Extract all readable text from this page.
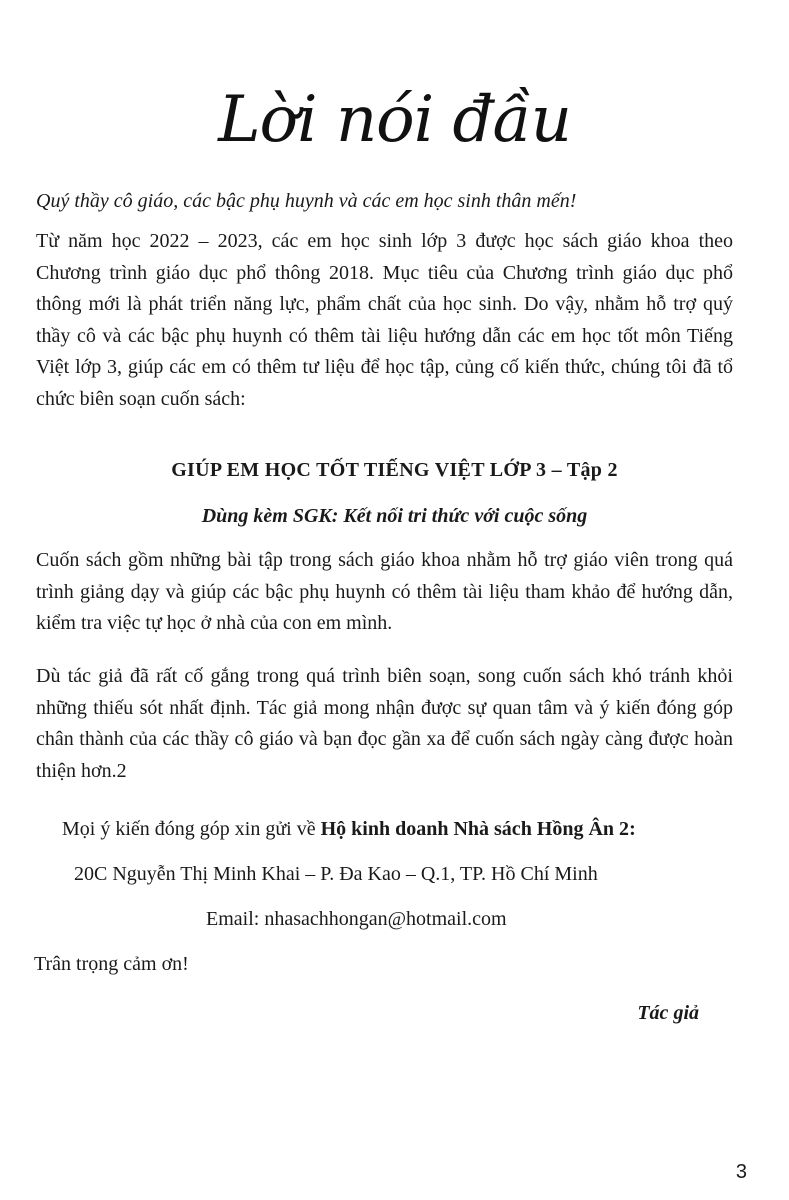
Lời nói đầu
Quý thầy cô giáo, các bậc phụ huynh và các em học sinh thân mến!

Từ năm học 2022 – 2023, các em học sinh lớp 3 được học sách giáo khoa theo Chương trình giáo dục phổ thông 2018. Mục tiêu của Chương trình giáo dục phổ thông mới là phát triển năng lực, phẩm chất của học sinh. Do vậy, nhằm hỗ trợ quý thầy cô và các bậc phụ huynh có thêm tài liệu hướng dẫn các em học tốt môn Tiếng Việt lớp 3, giúp các em có thêm tư liệu để học tập, củng cố kiến thức, chúng tôi đã tổ chức biên soạn cuốn sách:

GIÚP EM HỌC TỐT TIẾNG VIỆT LỚP 3 – Tập 2
Dùng kèm SGK: Kết nối tri thức với cuộc sống

Cuốn sách gồm những bài tập trong sách giáo khoa nhằm hỗ trợ giáo viên trong quá trình giảng dạy và giúp các bậc phụ huynh có thêm tài liệu tham khảo để hướng dẫn, kiểm tra việc tự học ở nhà của con em mình.

Dù tác giả đã rất cố gắng trong quá trình biên soạn, song cuốn sách khó tránh khỏi những thiếu sót nhất định. Tác giả mong nhận được sự quan tâm và ý kiến đóng góp chân thành của các thầy cô giáo và bạn đọc gần xa để cuốn sách ngày càng được hoàn thiện hơn.2

Mọi ý kiến đóng góp xin gửi về Hộ kinh doanh Nhà sách Hồng Ân 2:
20C Nguyễn Thị Minh Khai – P. Đa Kao – Q.1, TP. Hồ Chí Minh
Email: nhasachhongan@hotmail.com
Trân trọng cảm ơn!
Tác giả
3
